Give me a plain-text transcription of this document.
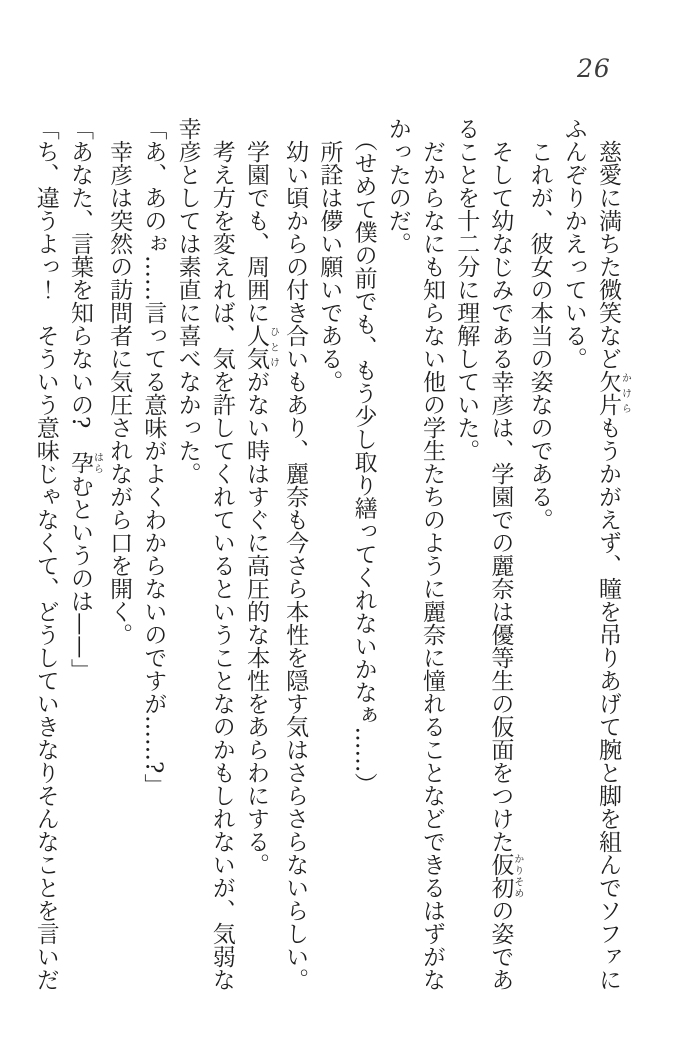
26
　慈愛に満ちた微笑など欠片かけらもうかがえず、瞳を吊りあげて腕と脚を組んでソファに
ふんぞりかえっている。
　これが、彼女の本当の姿なのである。
　そして幼なじみである幸彦は、学園での麗奈は優等生の仮面をつけた仮初かりそめの姿であ
ることを十二分に理解していた。
　だからなにも知らない他の学生たちのように麗奈に憧れることなどできるはずがな
かったのだ。
　（せめて僕の前でも、もう少し取り繕ってくれないかなぁ……）
　所詮は儚い願いである。
　幼い頃からの付き合いもあり、麗奈も今さら本性を隠す気はさらさらないらしい。
　学園でも、周囲に人気ひとけがない時はすぐに高圧的な本性をあらわにする。
　考え方を変えれば、気を許してくれているということなのかもしれないが、気弱な
幸彦としては素直に喜べなかった。
「あ、あのぉ……言ってる意味がよくわからないのですが……?」
　幸彦は突然の訪問者に気圧されながら口を開く。
「あなた、言葉を知らないの?　孕はらむというのは——」
「ち、違うよっ！　そういう意味じゃなくて、どうしていきなりそんなことを言いだ
